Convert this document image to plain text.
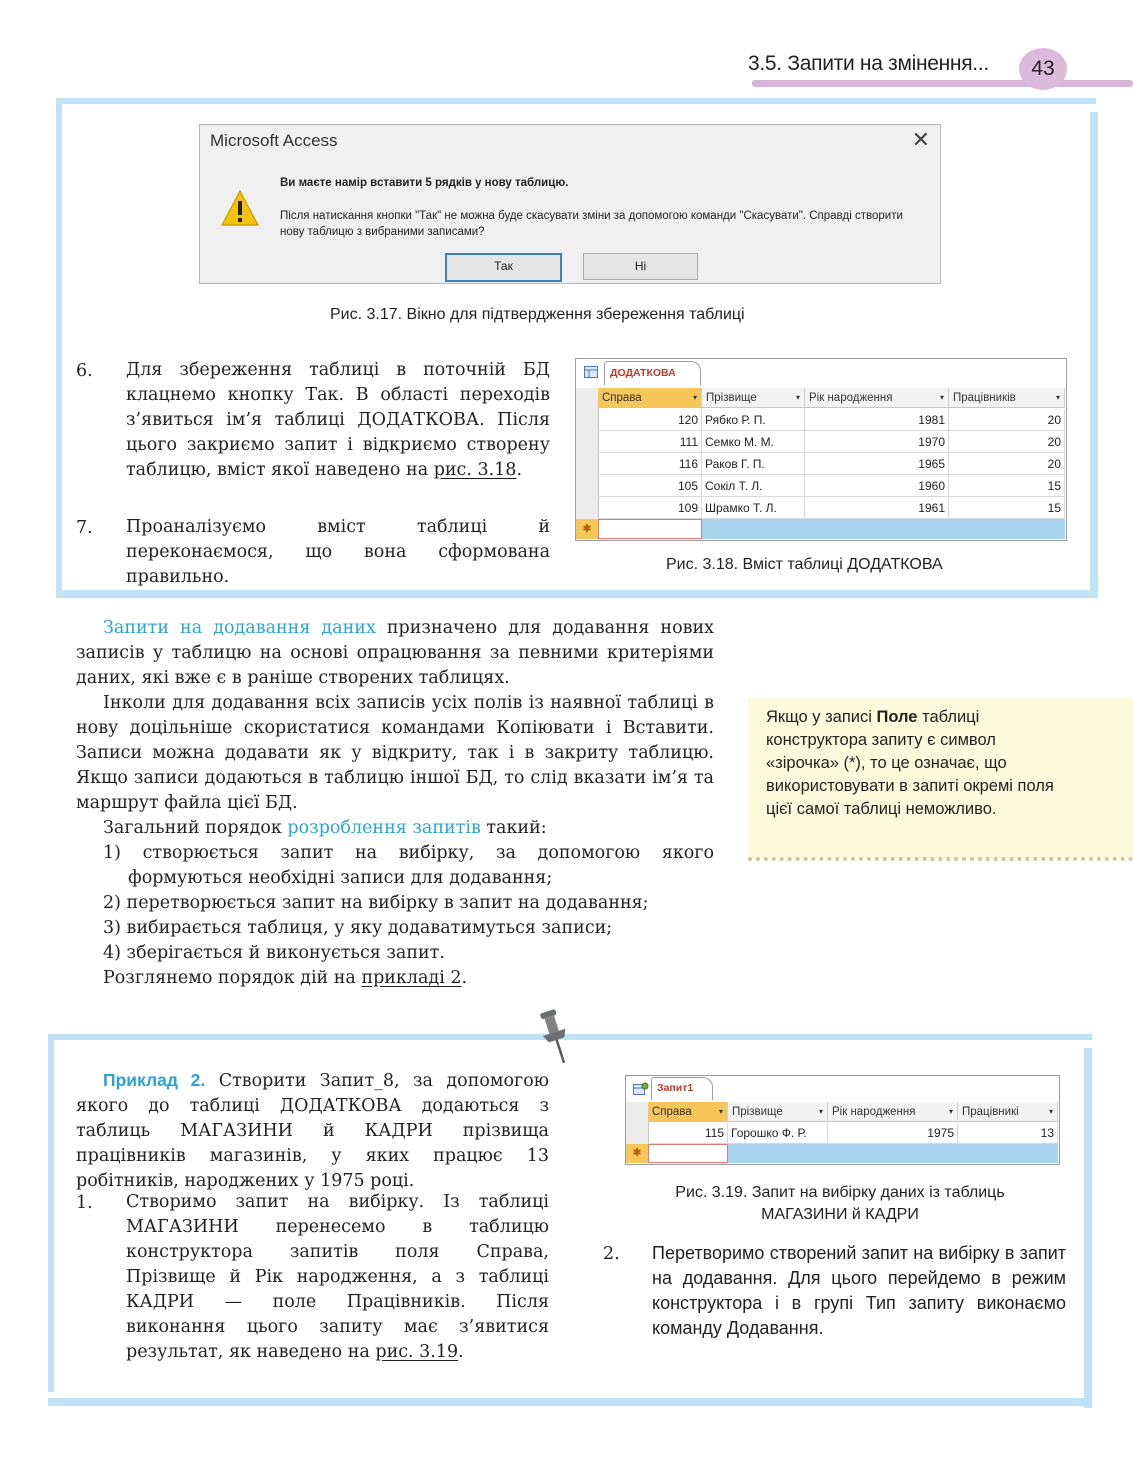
3.5. Запити на змінення...	43
Microsoft Access	✕
Ви маєте намір вставити 5 рядків у нову таблицю.
Після натискання кнопки "Так" не можна буде скасувати зміни за допомогою команди "Скасувати". Справді створити нову таблицю з вибраними записами?
Так	Ні
Рис. 3.17. Вікно для підтвердження збереження таблиці
6. Для збереження таблиці в поточній БД клацнемо кнопку Так. В області переходів з’явиться ім’я таблиці ДОДАТКОВА. Після цього закриємо запит і відкриємо створену таблицю, вміст якої наведено на рис. 3.18.
7. Проаналізуємо вміст таблиці й переконаємося, що вона сформована правильно.
ДОДАТКОВА
Справа	▾ Прізвище	▾ Рік народження	▾ Працівників	▾
120 Рябко Р. П.	1981	20
111 Семко М. М.	1970	20
116 Раков Г. П.	1965	20
105 Сокіл Т. Л.	1960	15
109 Шрамко Т. Л.	1961	15
✱
Рис. 3.18. Вміст таблиці ДОДАТКОВА
Запити на додавання даних призначено для додавання нових записів у таблицю на основі опрацювання за певними критеріями даних, які вже є в раніше створених таблицях.
Інколи для додавання всіх записів усіх полів із наявної таблиці в нову доцільніше скористатися командами Копіювати і Вставити. Записи можна додавати як у відкриту, так і в закриту таблицю. Якщо записи додаються в таблицю іншої БД, то слід вказати ім’я та маршрут файла цієї БД.
Загальний порядок розроблення запитів такий:
1) створюється запит на вибірку, за допомогою якого формуються необхідні записи для додавання;
2) перетворюється запит на вибірку в запит на додавання;
3) вибирається таблиця, у яку додаватимуться записи;
4) зберігається й виконується запит.
Розглянемо порядок дій на прикладі 2.
Якщо у записі Поле таблиці конструктора запиту є символ «зірочка» (*), то це означає, що використовувати в запиті окремі поля цієї самої таблиці неможливо.
Приклад 2. Створити Запит_8, за допомогою якого до таблиці ДОДАТКОВА додаються з таблиць МАГАЗИНИ й КАДРИ прізвища працівників магазинів, у яких працює 13 робітників, народжених у 1975 році.
1. Створимо запит на вибірку. Із таблиці МАГАЗИНИ перенесемо в таблицю конструктора запитів поля Справа, Прізвище й Рік народження, а з таблиці КАДРИ — поле Працівників. Після виконання цього запиту має з’явитися результат, як наведено на рис. 3.19.
Запит1
Справа	▾ Прізвище	▾ Рік народження	▾ Працівникі	▾
115 Горошко Ф. Р.	1975	13
✱
Рис. 3.19. Запит на вибірку даних із таблиць
МАГАЗИНИ й КАДРИ
2. Перетворимо створений запит на вибірку в запит на додавання. Для цього перейдемо в режим конструктора і в групі Тип запиту виконаємо команду Додавання.
